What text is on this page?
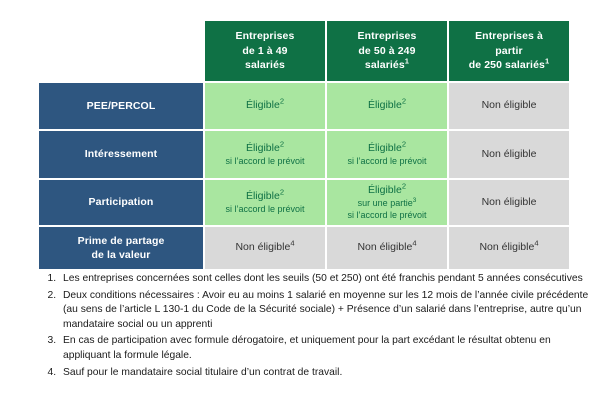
	Entreprises
de 1 à 49
salariés	Entreprises
de 50 à 249
salariés$^1$	Entreprises à
partir
de 250 salariés$^1$
PEE/PERCOL	Éligible$^2$	Éligible$^2$	Non éligible

Intéressement	Éligible$^2$
si l’accord le prévoit	Éligible$^2$
si l’accord le prévoit	Non éligible

Participation	Éligible$^2$
si l’accord le prévoit	Éligible$^2$
sur une partie$^3$
si l’accord le prévoit	Non éligible

Prime de partage
de la valeur	Non éligible$^4$	Non éligible$^4$	Non éligible$^4$
1. Les entreprises concernées sont celles dont les seuils (50 et 250) ont été franchis pendant 5 années consécutives
2. Deux conditions nécessaires : Avoir eu au moins 1 salarié en moyenne sur les 12 mois de l’année civile précédente (au sens de l’article L 130-1 du Code de la Sécurité sociale) + Présence d’un salarié dans l’entreprise, autre qu’un mandataire social ou un apprenti
3. En cas de participation avec formule dérogatoire, et uniquement pour la part excédant le résultat obtenu en appliquant la formule légale.
4. Sauf pour le mandataire social titulaire d’un contrat de travail.
